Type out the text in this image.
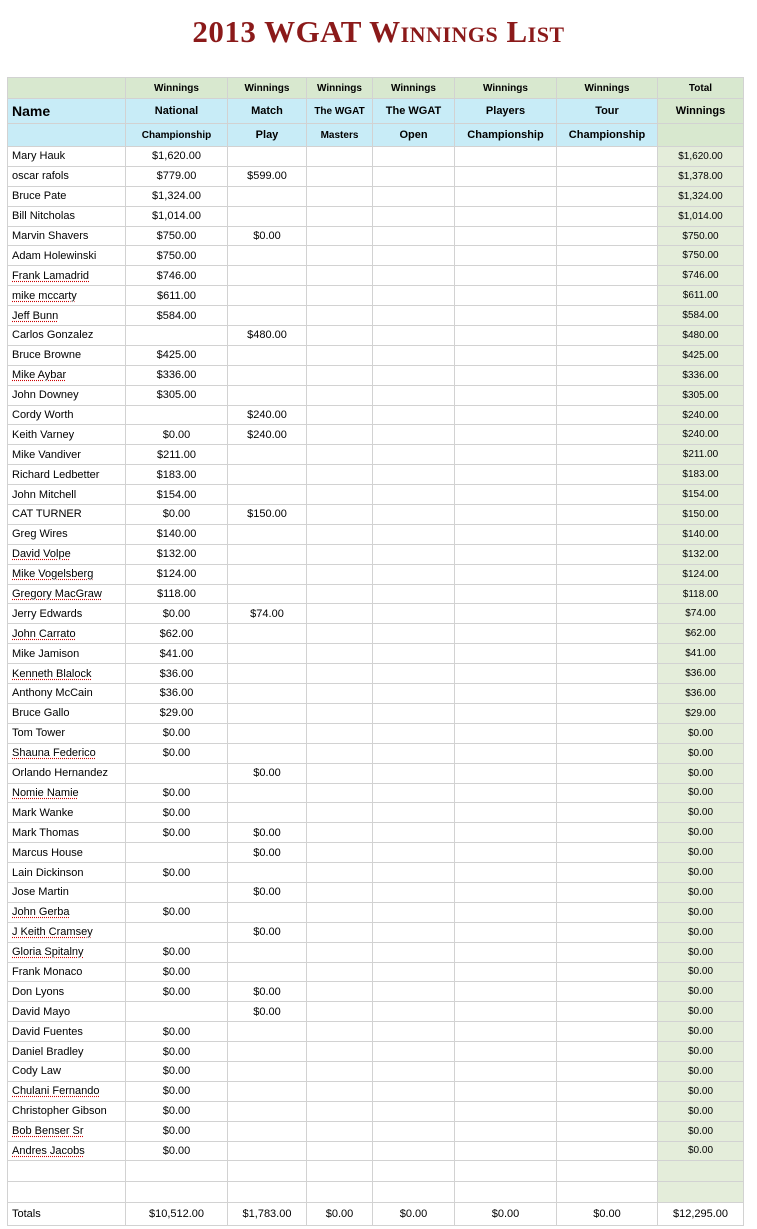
2013 WGAT Winnings List
	Winnings	Winnings	Winnings	Winnings	Winnings	Winnings	Total
Name	National	Match	The WGAT	The WGAT	Players	Tour	Winnings
	Championship	Play	Masters	Open	Championship	Championship	
Mary Hauk	$1,620.00						$1,620.00
oscar rafols	$779.00	$599.00					$1,378.00
Bruce Pate	$1,324.00						$1,324.00
Bill Nitcholas	$1,014.00						$1,014.00
Marvin Shavers	$750.00	$0.00					$750.00
Adam Holewinski	$750.00						$750.00
Frank Lamadrid	$746.00						$746.00
mike mccarty	$611.00						$611.00
Jeff Bunn	$584.00						$584.00
Carlos Gonzalez		$480.00					$480.00
Bruce Browne	$425.00						$425.00
Mike Aybar	$336.00						$336.00
John Downey	$305.00						$305.00
Cordy Worth		$240.00					$240.00
Keith Varney	$0.00	$240.00					$240.00
Mike Vandiver	$211.00						$211.00
Richard Ledbetter	$183.00						$183.00
John Mitchell	$154.00						$154.00
CAT TURNER	$0.00	$150.00					$150.00
Greg Wires	$140.00						$140.00
David Volpe	$132.00						$132.00
Mike Vogelsberg	$124.00						$124.00
Gregory MacGraw	$118.00						$118.00
Jerry Edwards	$0.00	$74.00					$74.00
John Carrato	$62.00						$62.00
Mike Jamison	$41.00						$41.00
Kenneth Blalock	$36.00						$36.00
Anthony McCain	$36.00						$36.00
Bruce Gallo	$29.00						$29.00
Tom Tower	$0.00						$0.00
Shauna Federico	$0.00						$0.00
Orlando Hernandez		$0.00					$0.00
Nomie Namie	$0.00						$0.00
Mark Wanke	$0.00						$0.00
Mark Thomas	$0.00	$0.00					$0.00
Marcus House		$0.00					$0.00
Lain Dickinson	$0.00						$0.00
Jose Martin		$0.00					$0.00
John Gerba	$0.00						$0.00
J Keith Cramsey		$0.00					$0.00
Gloria Spitalny	$0.00						$0.00
Frank Monaco	$0.00						$0.00
Don Lyons	$0.00	$0.00					$0.00
David Mayo		$0.00					$0.00
David Fuentes	$0.00						$0.00
Daniel Bradley	$0.00						$0.00
Cody Law	$0.00						$0.00
Chulani Fernando	$0.00						$0.00
Christopher Gibson	$0.00						$0.00
Bob Benser Sr	$0.00						$0.00
Andres Jacobs	$0.00						$0.00

Totals	$10,512.00	$1,783.00	$0.00	$0.00	$0.00	$0.00	$12,295.00
